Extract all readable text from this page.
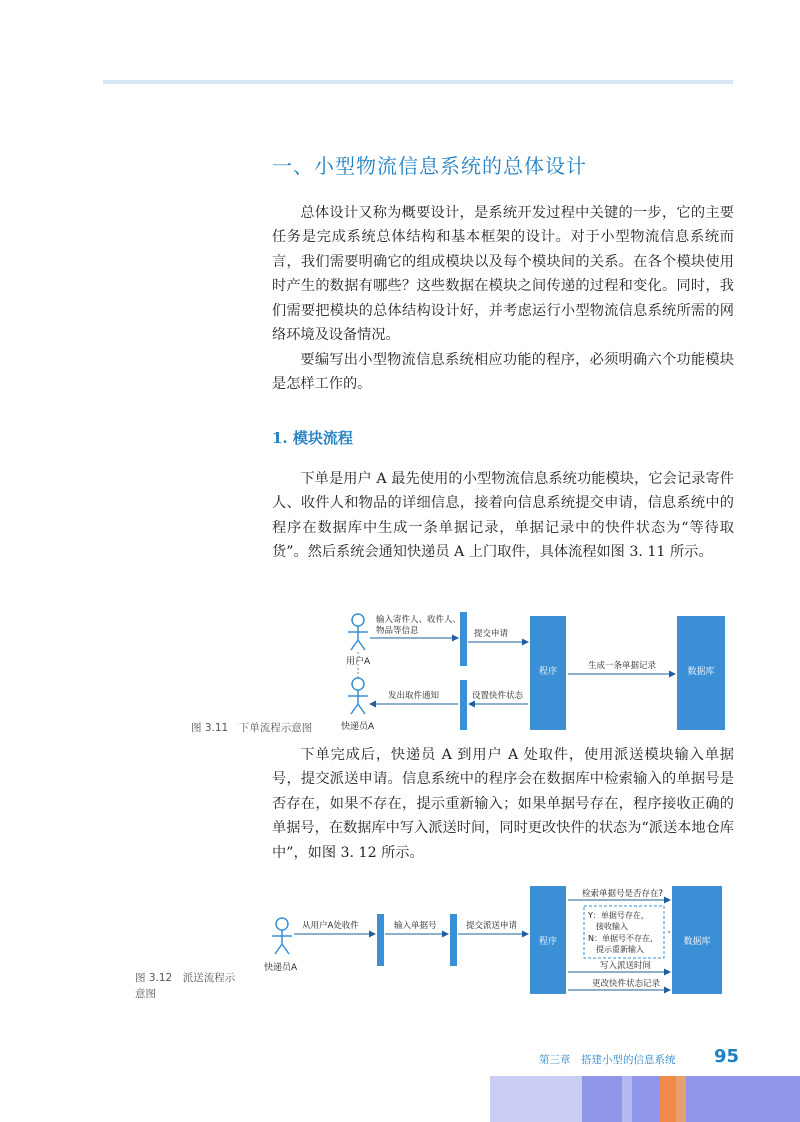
一、小型物流信息系统的总体设计

总体设计又称为概要设计，是系统开发过程中关键的一步，它的主要任务是完成系统总体结构和基本框架的设计。对于小型物流信息系统而言，我们需要明确它的组成模块以及每个模块间的关系。在各个模块使用时产生的数据有哪些？这些数据在模块之间传递的过程和变化。同时，我们需要把模块的总体结构设计好，并考虑运行小型物流信息系统所需的网络环境及设备情况。

要编写出小型物流信息系统相应功能的程序，必须明确六个功能模块是怎样工作的。

1. 模块流程

下单是用户 A 最先使用的小型物流信息系统功能模块，它会记录寄件人、收件人和物品的详细信息，接着向信息系统提交申请，信息系统中的程序在数据库中生成一条单据记录，单据记录中的快件状态为“等待取货”。然后系统会通知快递员 A 上门取件，具体流程如图 3. 11 所示。

用户A
快递员A
程序	数据库
输入寄件人、收件人、
物品等信息	提交申请
生成一条单据记录
设置快件状态
发出取件通知
图 3.11　下单流程示意图

下单完成后，快递员 A 到用户 A 处取件，使用派送模块输入单据号，提交派送申请。信息系统中的程序会在数据库中检索输入的单据号是否存在，如果不存在，提示重新输入；如果单据号存在，程序接收正确的单据号，在数据库中写入派送时间，同时更改快件的状态为“派送本地仓库中”，如图 3. 12 所示。

快递员A
程序	数据库
从用户A处收件	输入单据号	提交派送申请
检索单据号是否存在?
Y：单据号存在，
接收输入
N：单据号不存在，
提示重新输入
写入派送时间
更改快件状态记录
图 3.12　派送流程示
意图
第三章　搭建小型的信息系统 95
